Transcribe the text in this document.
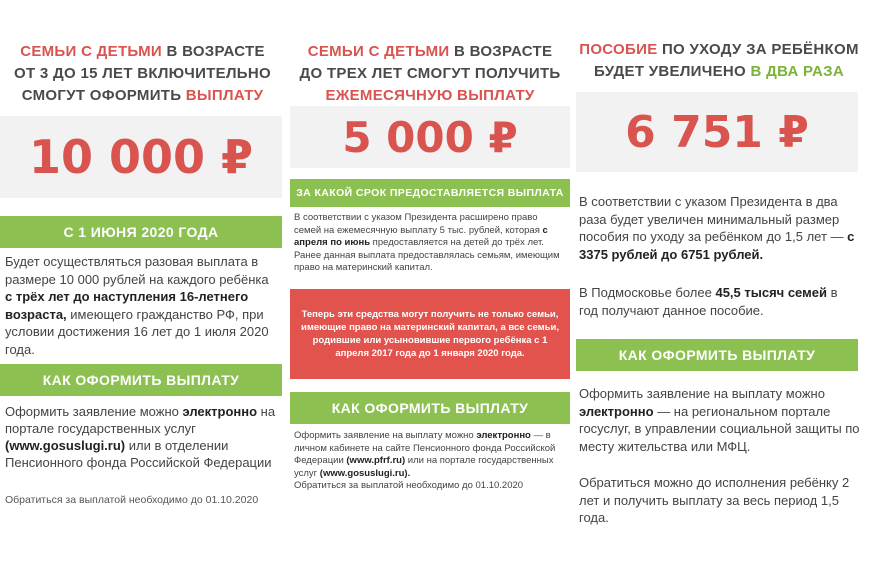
СЕМЬИ С ДЕТЬМИ В ВОЗРАСТЕ
ОТ 3 ДО 15 ЛЕТ ВКЛЮЧИТЕЛЬНО
СМОГУТ ОФОРМИТЬ ВЫПЛАТУ
10 000 ₽
С 1 ИЮНЯ 2020 ГОДА
Будет осуществляться разовая выплата в размере 10 000 рублей на каждого ребёнка с трёх лет до наступления 16-летнего возраста, имеющего гражданство РФ, при условии достижения 16 лет до 1 июля 2020 года.
КАК ОФОРМИТЬ ВЫПЛАТУ
Оформить заявление можно электронно на портале государственных услуг (www.gosuslugi.ru) или в отделении Пенсионного фонда Российской Федерации
Обратиться за выплатой необходимо до 01.10.2020
СЕМЬИ С ДЕТЬМИ В ВОЗРАСТЕ
ДО ТРЕХ ЛЕТ СМОГУТ ПОЛУЧИТЬ
ЕЖЕМЕСЯЧНУЮ ВЫПЛАТУ
5 000 ₽
ЗА КАКОЙ СРОК ПРЕДОСТАВЛЯЕТСЯ ВЫПЛАТА
В соответствии с указом Президента расширено право семей на ежемесячную выплату 5 тыс. рублей, которая с апреля по июнь предоставляется на детей до трёх лет. Ранее данная выплата предоставлялась семьям, имеющим право на материнский капитал.
Теперь эти средства могут получить не только семьи, имеющие право на материнский капитал, а все семьи, родившие или усыновившие первого ребёнка с 1 апреля 2017 года до 1 января 2020 года.
КАК ОФОРМИТЬ ВЫПЛАТУ
Оформить заявление на выплату можно электронно — в личном кабинете на сайте Пенсионного фонда Российской Федерации (www.pfrf.ru) или на портале государственных услуг (www.gosuslugi.ru).
Обратиться за выплатой необходимо до 01.10.2020
ПОСОБИЕ ПО УХОДУ ЗА РЕБЁНКОМ
БУДЕТ УВЕЛИЧЕНО В ДВА РАЗА
6 751 ₽
В соответствии с указом Президента в два раза будет увеличен минимальный размер пособия по уходу за ребёнком до 1,5 лет — с 3375 рублей до 6751 рублей.
В Подмосковье более 45,5 тысяч семей в год получают данное пособие.
КАК ОФОРМИТЬ ВЫПЛАТУ
Оформить заявление на выплату можно электронно — на региональном портале госуслуг, в управлении социальной защиты по месту жительства или МФЦ.
Обратиться можно до исполнения ребёнку 2 лет и получить выплату за весь период 1,5 года.
